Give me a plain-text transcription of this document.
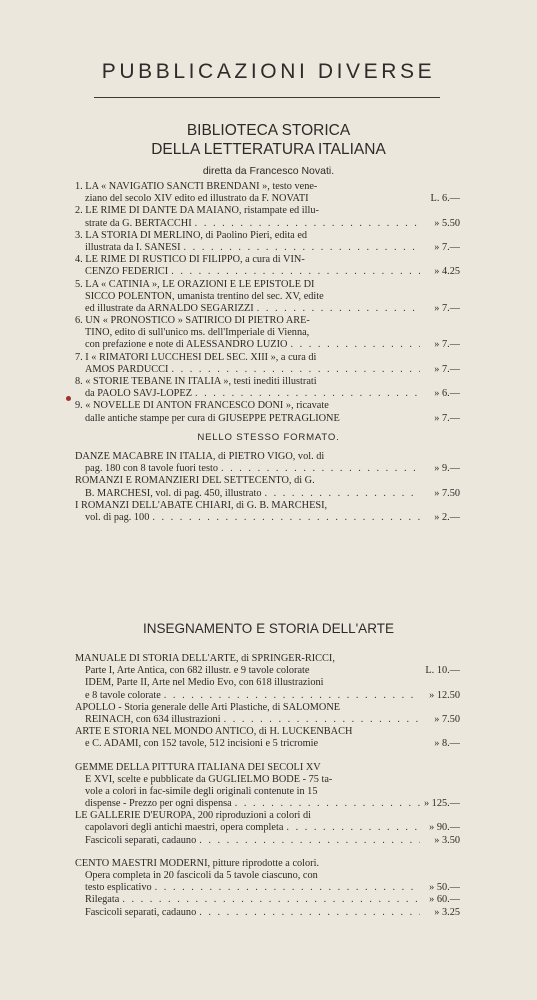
PUBBLICAZIONI DIVERSE
BIBLIOTECA STORICA
DELLA LETTERATURA ITALIANA
diretta da Francesco Novati.
1. LA « NAVIGATIO SANCTI BRENDANI », testo vene-
ziano del secolo XIV edito ed illustrato da F. NOVATI	L. 6.—
2. LE RIME DI DANTE DA MAIANO, ristampate ed illu-
strate da G. BERTACCHI . . .	» 5.50
3. LA STORIA DI MERLINO, di Paolino Pieri, edita ed
illustrata da I. SANESI . . .	» 7.—
4. LE RIME DI RUSTICO DI FILIPPO, a cura di VIN-
CENZO FEDERICI . . .	» 4.25
5. LA « CATINIA », LE ORAZIONI E LE EPISTOLE DI
SICCO POLENTON, umanista trentino del sec. XV, edite
ed illustrate da ARNALDO SEGARIZZI . . .	» 7.—
6. UN « PRONOSTICO » SATIRICO DI PIETRO ARE-
TINO, edito di sull'unico ms. dell'Imperiale di Vienna,
con prefazione e note di ALESSANDRO LUZIO . . .	» 7.—
7. I « RIMATORI LUCCHESI DEL SEC. XIII », a cura di
AMOS PARDUCCI . . .	» 7.—
8. « STORIE TEBANE IN ITALIA », testi inediti illustrati
da PAOLO SAVJ-LOPEZ . . .	» 6.—
9. « NOVELLE DI ANTON FRANCESCO DONI », ricavate
dalle antiche stampe per cura di GIUSEPPE PETRAGLIONE	» 7.—
NELLO STESSO FORMATO.
DANZE MACABRE IN ITALIA, di PIETRO VIGO, vol. di
pag. 180 con 8 tavole fuori testo . . .	» 9.—
ROMANZI E ROMANZIERI DEL SETTECENTO, di G.
B. MARCHESI, vol. di pag. 450, illustrato . . .	» 7.50
I ROMANZI DELL'ABATE CHIARI, di G. B. MARCHESI,
vol. di pag. 100 . . .	» 2.—
INSEGNAMENTO E STORIA DELL'ARTE
MANUALE DI STORIA DELL'ARTE, di SPRINGER-RICCI,
Parte I, Arte Antica, con 682 illustr. e 9 tavole colorate	L. 10.—
IDEM, Parte II, Arte nel Medio Evo, con 618 illustrazioni
e 8 tavole colorate . . .	» 12.50
APOLLO - Storia generale delle Arti Plastiche, di SALOMONE
REINACH, con 634 illustrazioni . . .	» 7.50
ARTE E STORIA NEL MONDO ANTICO, di H. LUCKENBACH
e C. ADAMI, con 152 tavole, 512 incisioni e 5 tricromie	» 8.—
GEMME DELLA PITTURA ITALIANA DEI SECOLI XV
E XVI, scelte e pubblicate da GUGLIELMO BODE - 75 ta-
vole a colori in fac-simile degli originali contenute in 15
dispense - Prezzo per ogni dispensa . . .	» 125.—
LE GALLERIE D'EUROPA, 200 riproduzioni a colori di
capolavori degli antichi maestri, opera completa . . .	» 90.—
Fascicoli separati, cadauno . . .	» 3.50
CENTO MAESTRI MODERNI, pitture riprodotte a colori.
Opera completa in 20 fascicoli da 5 tavole ciascuno, con
testo esplicativo . . .	» 50.—
Rilegata . . .	» 60.—
Fascicoli separati, cadauno . . .	» 3.25
